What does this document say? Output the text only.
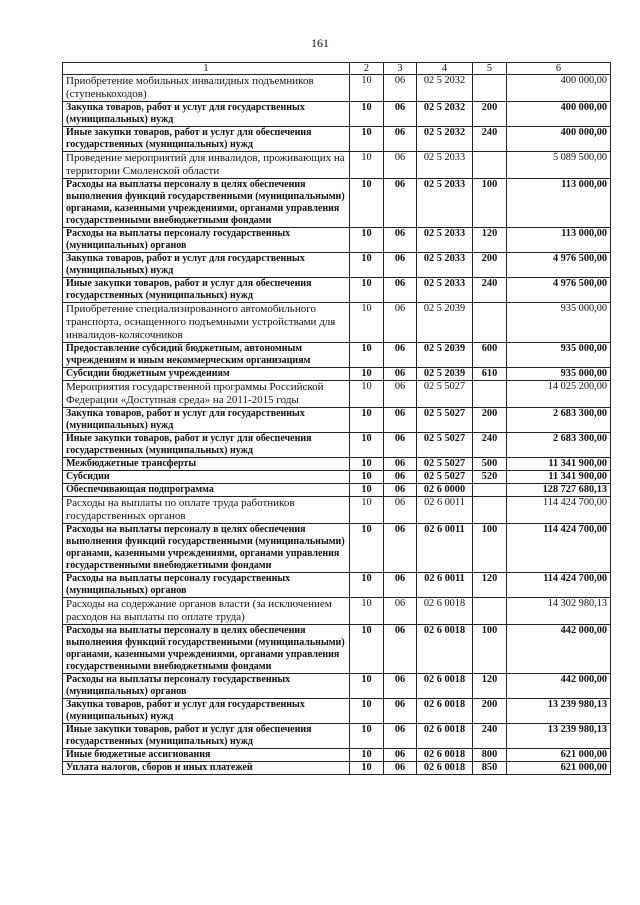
161
1	2	3	4	5	6
Приобретение мобильных инвалидных подъемников (ступенькоходов)	10	06	02 5 2032		400 000,00
Закупка товаров, работ и услуг для государственных (муниципальных) нужд	10	06	02 5 2032	200	400 000,00
Иные закупки товаров, работ и услуг для обеспечения государственных (муниципальных) нужд	10	06	02 5 2032	240	400 000,00
Проведение мероприятий для инвалидов, проживающих на территории Смоленской области	10	06	02 5 2033		5 089 500,00
Расходы на выплаты персоналу в целях обеспечения выполнения функций государственными (муниципальными) органами, казенными учреждениями, органами управления государственными внебюджетными фондами	10	06	02 5 2033	100	113 000,00
Расходы на выплаты персоналу государственных (муниципальных) органов	10	06	02 5 2033	120	113 000,00
Закупка товаров, работ и услуг для государственных (муниципальных) нужд	10	06	02 5 2033	200	4 976 500,00
Иные закупки товаров, работ и услуг для обеспечения государственных (муниципальных) нужд	10	06	02 5 2033	240	4 976 500,00
Приобретение специализированного автомобильного транспорта, оснащенного подъемными устройствами для инвалидов-колясочников	10	06	02 5 2039		935 000,00
Предоставление субсидий бюджетным, автономным учреждениям и иным некоммерческим организациям	10	06	02 5 2039	600	935 000,00
Субсидии бюджетным учреждениям	10	06	02 5 2039	610	935 000,00
Мероприятия государственной программы Российской Федерации «Доступная среда» на 2011-2015 годы	10	06	02 5 5027		14 025 200,00
Закупка товаров, работ и услуг для государственных (муниципальных) нужд	10	06	02 5 5027	200	2 683 300,00
Иные закупки товаров, работ и услуг для обеспечения государственных (муниципальных) нужд	10	06	02 5 5027	240	2 683 300,00
Межбюджетные трансферты	10	06	02 5 5027	500	11 341 900,00
Субсидии	10	06	02 5 5027	520	11 341 900,00
Обеспечивающая подпрограмма	10	06	02 6 0000		128 727 680,13
Расходы на выплаты по оплате труда работников государственных органов	10	06	02 6 0011		114 424 700,00
Расходы на выплаты персоналу в целях обеспечения выполнения функций государственными (муниципальными) органами, казенными учреждениями, органами управления государственными внебюджетными фондами	10	06	02 6 0011	100	114 424 700,00
Расходы на выплаты персоналу государственных (муниципальных) органов	10	06	02 6 0011	120	114 424 700,00
Расходы на содержание органов власти (за исключением расходов на выплаты по оплате труда)	10	06	02 6 0018		14 302 980,13
Расходы на выплаты персоналу в целях обеспечения выполнения функций государственными (муниципальными) органами, казенными учреждениями, органами управления государственными внебюджетными фондами	10	06	02 6 0018	100	442 000,00
Расходы на выплаты персоналу государственных (муниципальных) органов	10	06	02 6 0018	120	442 000,00
Закупка товаров, работ и услуг для государственных (муниципальных) нужд	10	06	02 6 0018	200	13 239 980,13
Иные закупки товаров, работ и услуг для обеспечения государственных (муниципальных) нужд	10	06	02 6 0018	240	13 239 980,13
Иные бюджетные ассигнования	10	06	02 6 0018	800	621 000,00
Уплата налогов, сборов и иных платежей	10	06	02 6 0018	850	621 000,00
